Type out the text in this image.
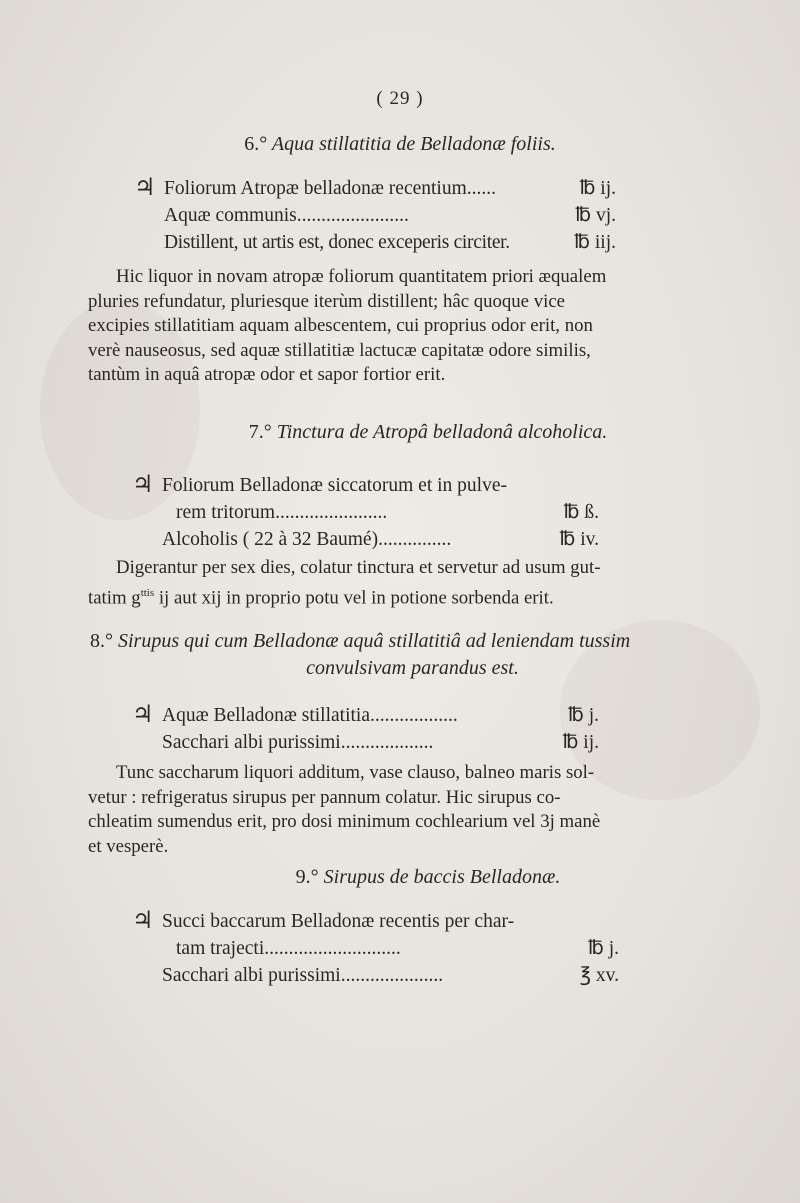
( 29 )
6.° Aqua stillatitia de Belladonæ foliis.
♃ Foliorum Atropæ belladonæ recentium......	℔ ij.
Aquæ communis.......................	℔ vj.
Distillent, ut artis est, donec exceperis circiter.	℔ iij.
Hic liquor in novam atropæ foliorum quantitatem priori æqualem
pluries refundatur, pluriesque iterùm distillent; hâc quoque vice
excipies stillatitiam aquam albescentem, cui proprius odor erit, non
verè nauseosus, sed aquæ stillatitiæ lactucæ capitatæ odore similis,
tantùm in aquâ atropæ odor et sapor fortior erit.
7.° Tinctura de Atropâ belladonâ alcoholica.
♃ Foliorum Belladonæ siccatorum et in pulve-
rem tritorum.......................	℔ ß.
Alcoholis ( 22 à 32 Baumé)...............	℔ iv.
Digerantur per sex dies, colatur tinctura et servetur ad usum gut-
tatim $g^{ttis}$ ij aut xij in proprio potu vel in potione sorbenda erit.
8.° Sirupus qui cum Belladonæ aquâ stillatitiâ ad leniendam tussim
convulsivam parandus est.
♃ Aquæ Belladonæ stillatitia..................	℔ j.
Sacchari albi purissimi...................	℔ ij.
Tunc saccharum liquori additum, vase clauso, balneo maris sol-
vetur : refrigeratus sirupus per pannum colatur. Hic sirupus co-
chleatim sumendus erit, pro dosi minimum cochlearium vel 3j manè
et vesperè.
9.° Sirupus de baccis Belladonæ.
♃ Succi baccarum Belladonæ recentis per char-
tam trajecti............................	℔ j.
Sacchari albi purissimi.....................	℥ xv.
